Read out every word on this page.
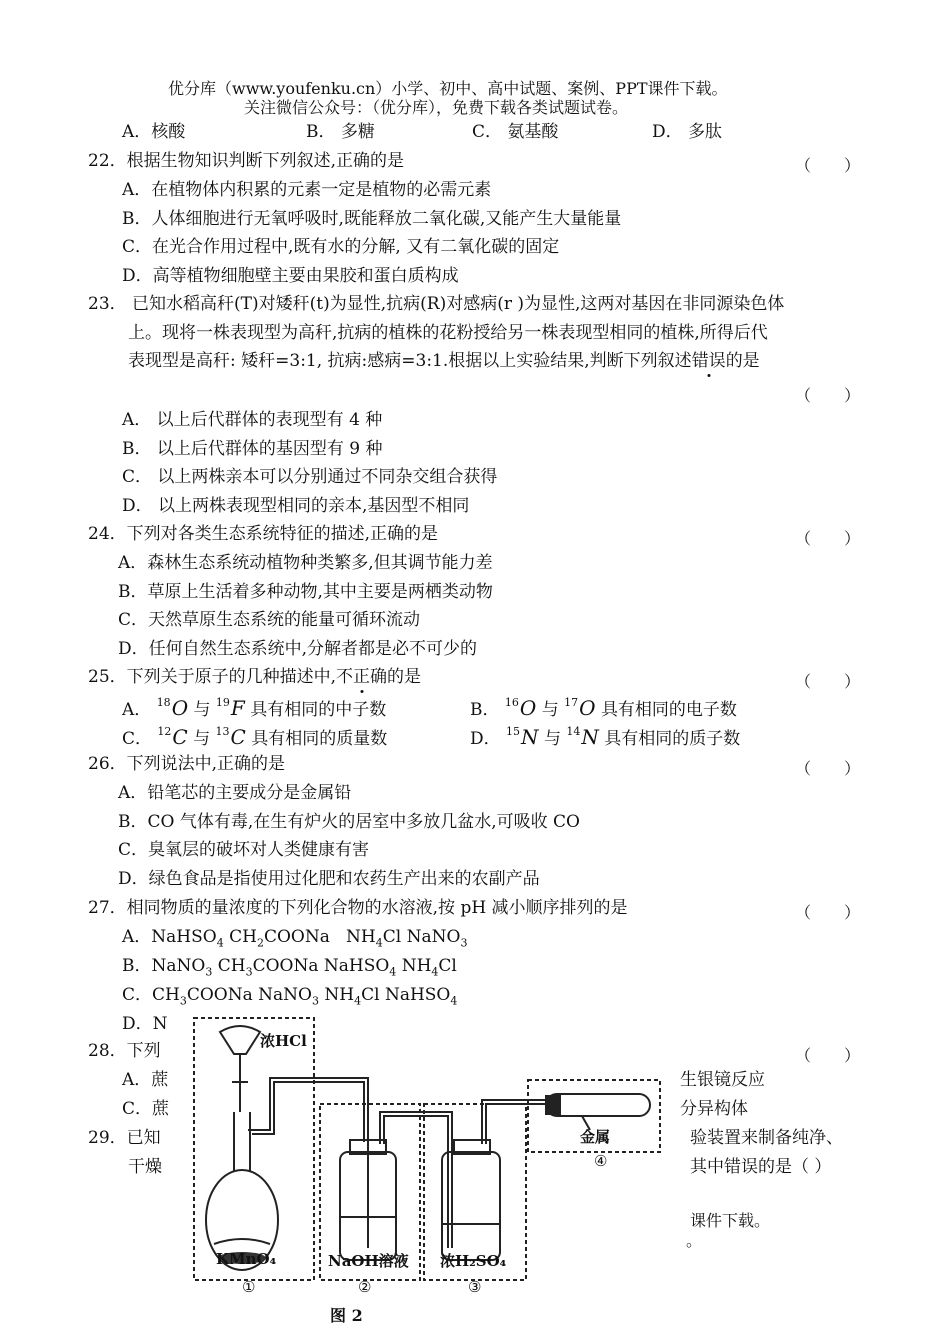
优分库（www.youfenku.cn）小学、初中、高中试题、案例、PPT课件下载。
关注微信公众号：（优分库），免费下载各类试题试卷。
A．核酸	B． 多糖	C． 氨基酸	D． 多肽
22．根据生物知识判断下列叙述,正确的是	（ ）
A．在植物体内积累的元素一定是植物的必需元素
B．人体细胞进行无氧呼吸时,既能释放二氧化碳,又能产生大量能量
C．在光合作用过程中,既有水的分解, 又有二氧化碳的固定
D．高等植物细胞壁主要由果胶和蛋白质构成
23． 已知水稻高秆(T)对矮秆(t)为显性,抗病(R)对感病(r )为显性,这两对基因在非同源染色体
上。现将一株表现型为高秆,抗病的植株的花粉授给另一株表现型相同的植株,所得后代
表现型是高秆: 矮秆=3:1, 抗病:感病=3:1.根据以上实验结果,判断下列叙述错误的是
（ ）
A． 以上后代群体的表现型有 4 种
B． 以上后代群体的基因型有 9 种
C． 以上两株亲本可以分别通过不同杂交组合获得
D． 以上两株表现型相同的亲本,基因型不相同
24．下列对各类生态系统特征的描述,正确的是	（ ）
A．森林生态系统动植物种类繁多,但其调节能力差
B．草原上生活着多种动物,其中主要是两栖类动物
C．天然草原生态系统的能量可循环流动
D．任何自然生态系统中,分解者都是必不可少的
25．下列关于原子的几种描述中,不正确的是	（ ）
A． $^{18}$O 与 $^{19}$F 具有相同的中子数	B． $^{16}$O 与 $^{17}$O 具有相同的电子数
C． $^{12}$C 与 $^{13}$C 具有相同的质量数	D． $^{15}$N 与 $^{14}$N 具有相同的质子数
26．下列说法中,正确的是	（ ）
A．铅笔芯的主要成分是金属铅
B．CO 气体有毒,在生有炉火的居室中多放几盆水,可吸收 CO
C．臭氧层的破坏对人类健康有害
D．绿色食品是指使用过化肥和农药生产出来的农副产品
27．相同物质的量浓度的下列化合物的水溶液,按 pH 减小顺序排列的是	（ ）
A．NaHSO$_4$ $CH_2COONa$   $NH_4Cl$ NaNO$_3$
B．NaNO$_3$ $CH_3COONa$ NaHSO$_4$ $NH_4Cl$
C．$CH_3COONa$ NaNO$_3$ $NH_4Cl$ NaHSO$_4$
D．N
28．下列	（ ）
A．蔗	生银镜反应
C．蔗	分异构体
29．已知	验装置来制备纯净、
干燥	其中错误的是（ ）
课件下载。
。
浓HCl
KMnO₄	NaOH溶液 浓H₂SO₄
金属
①	②	③
④
图 2
